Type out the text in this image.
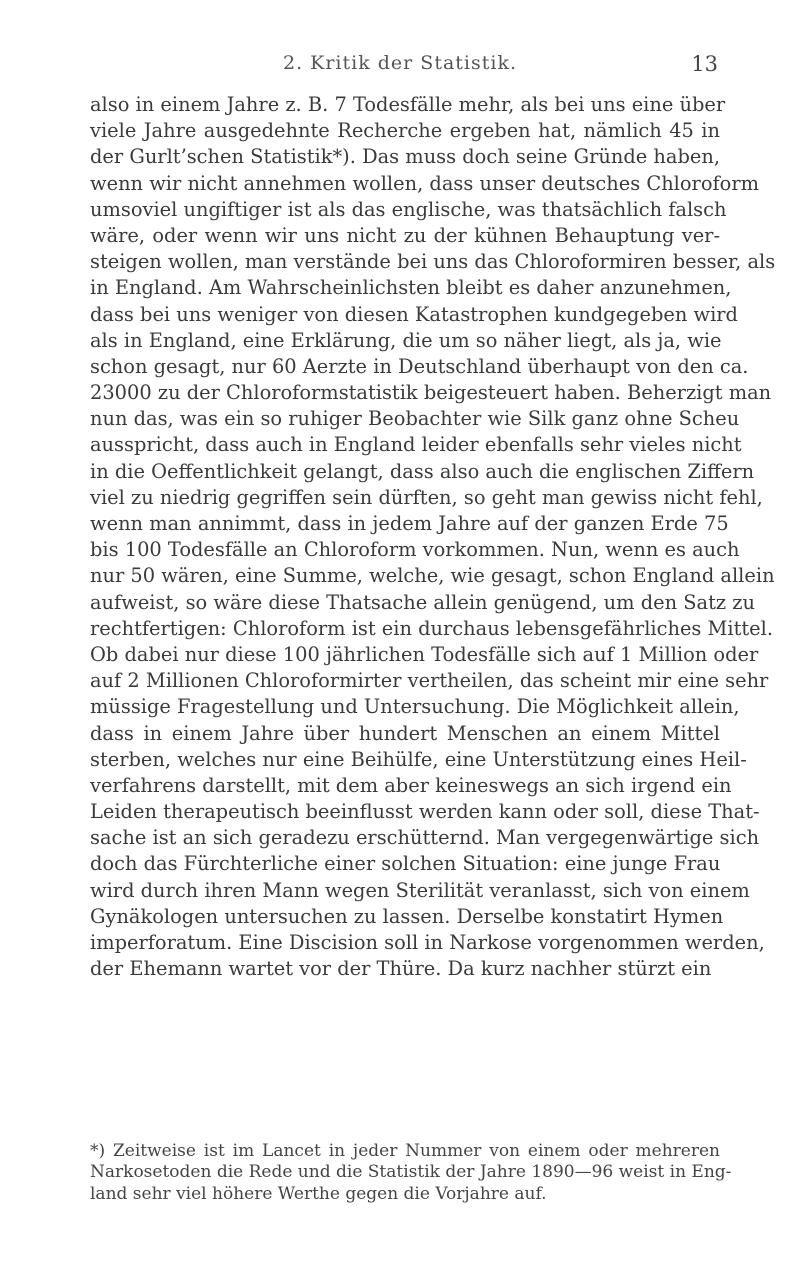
2. Kritik der Statistik.	13
also in einem Jahre z. B. 7 Todesfälle mehr, als bei uns eine über
viele Jahre ausgedehnte Recherche ergeben hat, nämlich 45 in
der Gurlt’schen Statistik*). Das muss doch seine Gründe haben,
wenn wir nicht annehmen wollen, dass unser deutsches Chloroform
umsoviel ungiftiger ist als das englische, was thatsächlich falsch
wäre, oder wenn wir uns nicht zu der kühnen Behauptung ver-
steigen wollen, man verstände bei uns das Chloroformiren besser, als
in England. Am Wahrscheinlichsten bleibt es daher anzunehmen,
dass bei uns weniger von diesen Katastrophen kundgegeben wird
als in England, eine Erklärung, die um so näher liegt, als ja, wie
schon gesagt, nur 60 Aerzte in Deutschland überhaupt von den ca.
23000 zu der Chloroformstatistik beigesteuert haben. Beherzigt man
nun das, was ein so ruhiger Beobachter wie Silk ganz ohne Scheu
ausspricht, dass auch in England leider ebenfalls sehr vieles nicht
in die Oeffentlichkeit gelangt, dass also auch die englischen Ziffern
viel zu niedrig gegriffen sein dürften, so geht man gewiss nicht fehl,
wenn man annimmt, dass in jedem Jahre auf der ganzen Erde 75
bis 100 Todesfälle an Chloroform vorkommen. Nun, wenn es auch
nur 50 wären, eine Summe, welche, wie gesagt, schon England allein
aufweist, so wäre diese Thatsache allein genügend, um den Satz zu
rechtfertigen: Chloroform ist ein durchaus lebensgefährliches Mittel.
Ob dabei nur diese 100 jährlichen Todesfälle sich auf 1 Million oder
auf 2 Millionen Chloroformirter vertheilen, das scheint mir eine sehr
müssige Fragestellung und Untersuchung. Die Möglichkeit allein,
dass in einem Jahre über hundert Menschen an einem Mittel
sterben, welches nur eine Beihülfe, eine Unterstützung eines Heil-
verfahrens darstellt, mit dem aber keineswegs an sich irgend ein
Leiden therapeutisch beeinflusst werden kann oder soll, diese That-
sache ist an sich geradezu erschütternd. Man vergegenwärtige sich
doch das Fürchterliche einer solchen Situation: eine junge Frau
wird durch ihren Mann wegen Sterilität veranlasst, sich von einem
Gynäkologen untersuchen zu lassen. Derselbe konstatirt Hymen
imperforatum. Eine Discision soll in Narkose vorgenommen werden,
der Ehemann wartet vor der Thüre. Da kurz nachher stürzt ein
*) Zeitweise ist im Lancet in jeder Nummer von einem oder mehreren
Narkosetoden die Rede und die Statistik der Jahre 1890—96 weist in Eng-
land sehr viel höhere Werthe gegen die Vorjahre auf.
